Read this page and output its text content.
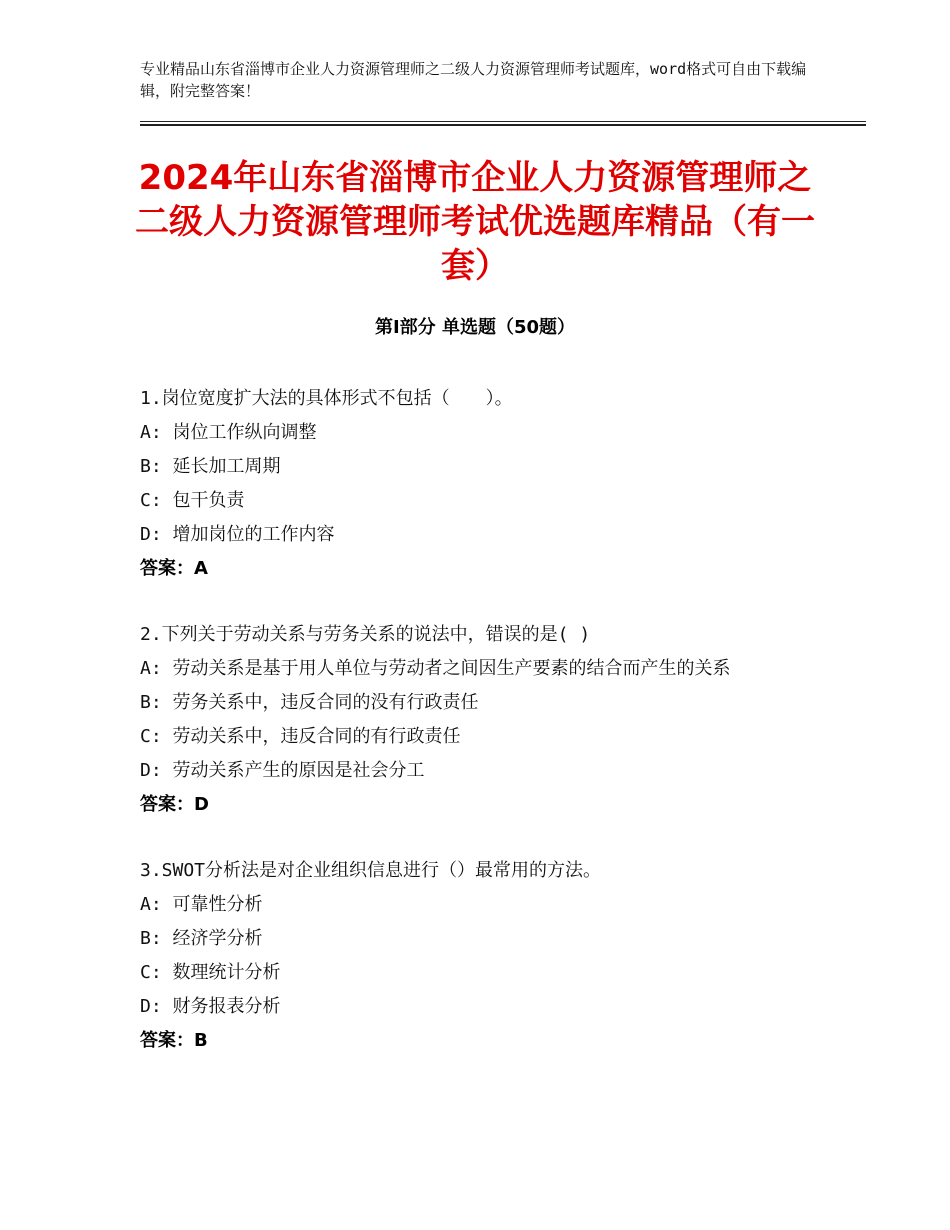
专业精品山东省淄博市企业人力资源管理师之二级人力资源管理师考试题库，word格式可自由下载编辑，附完整答案！
2024年山东省淄博市企业人力资源管理师之二级人力资源管理师考试优选题库精品（有一套）
第I部分 单选题（50题）
1.岗位宽度扩大法的具体形式不包括（　　）。
A: 岗位工作纵向调整
B: 延长加工周期
C: 包干负责
D: 增加岗位的工作内容
答案：A
2.下列关于劳动关系与劳务关系的说法中，错误的是( )
A: 劳动关系是基于用人单位与劳动者之间因生产要素的结合而产生的关系
B: 劳务关系中，违反合同的没有行政责任
C: 劳动关系中，违反合同的有行政责任
D: 劳动关系产生的原因是社会分工
答案：D
3.SWOT分析法是对企业组织信息进行（）最常用的方法。
A: 可靠性分析
B: 经济学分析
C: 数理统计分析
D: 财务报表分析
答案：B
